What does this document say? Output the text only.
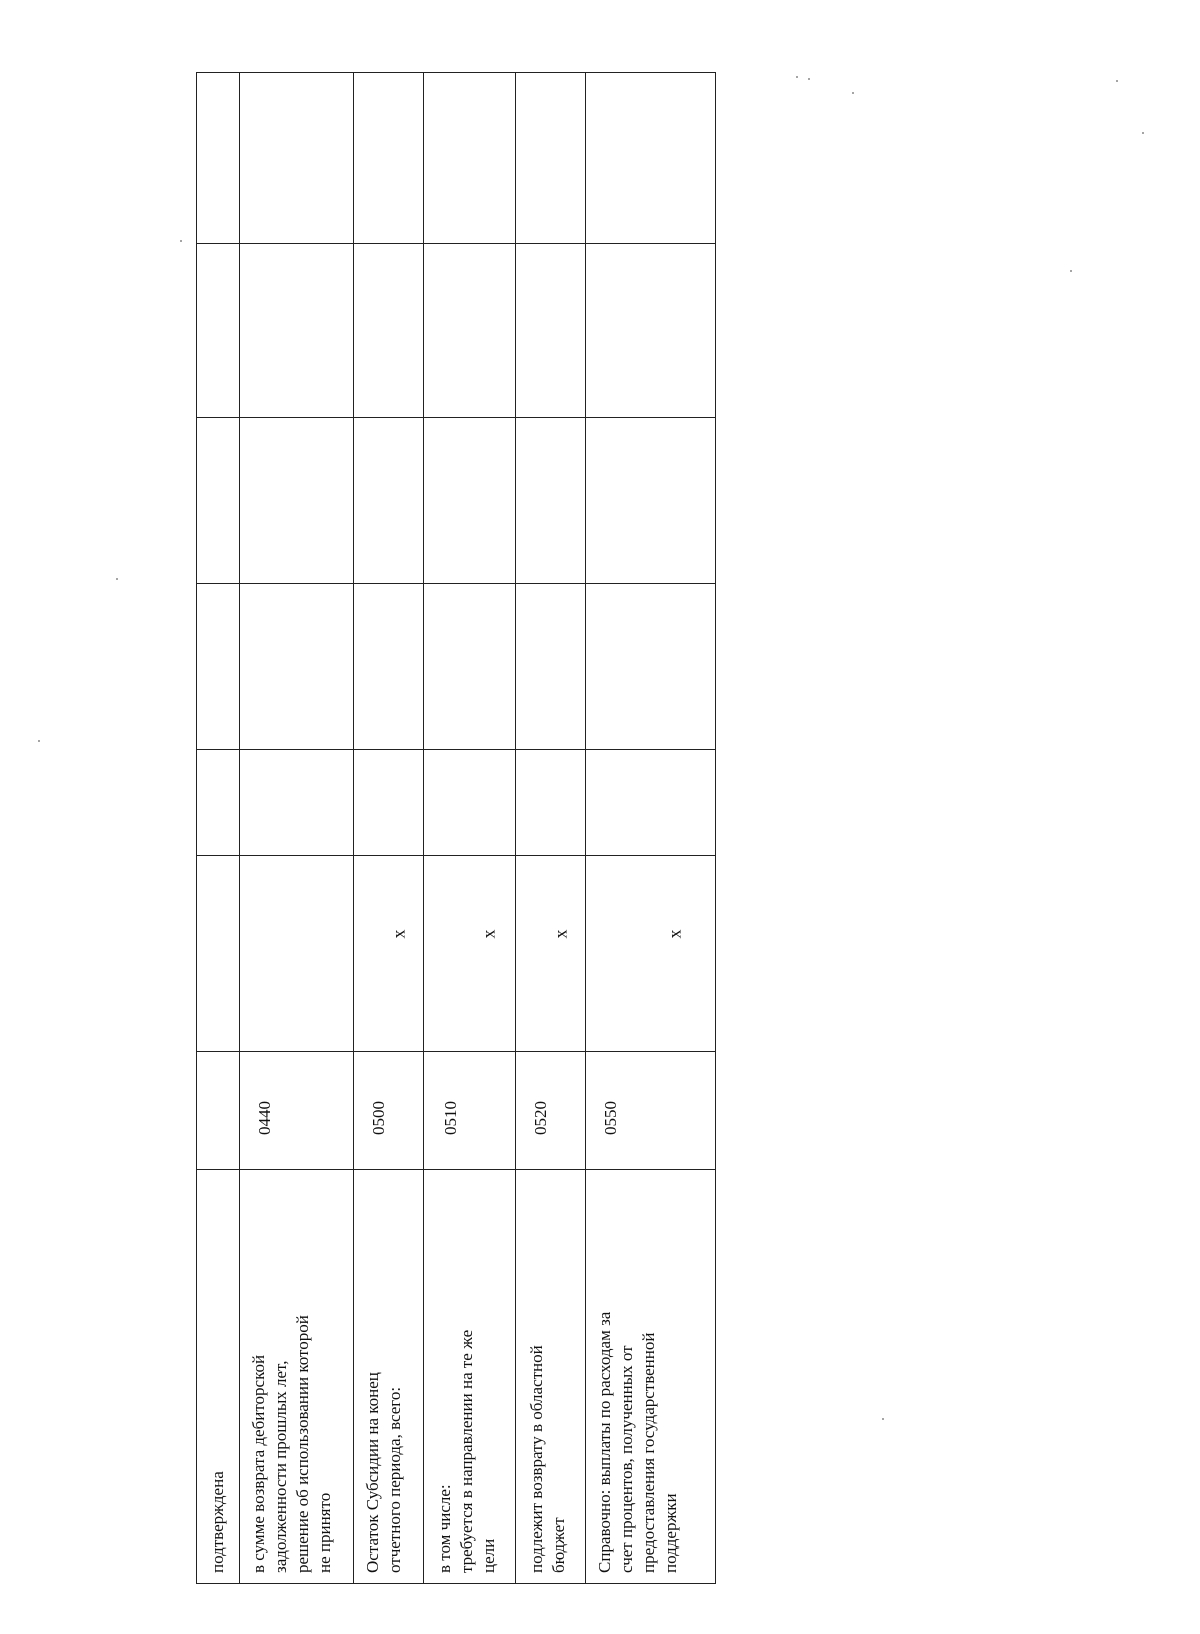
подтверждена в сумме возврата дебиторской задолженности прошлых лет, решение об использовании которой не принято
0440
Остаток Субсидии на конец отчетного периода, всего:
0500
x
в том числе: требуется в направлении на те же цели
0510
x
подлежит возврату в областной бюджет
0520
x
Справочно: выплаты по расходам за счет процентов, полученных от предоставления государственной поддержки
0550
x
